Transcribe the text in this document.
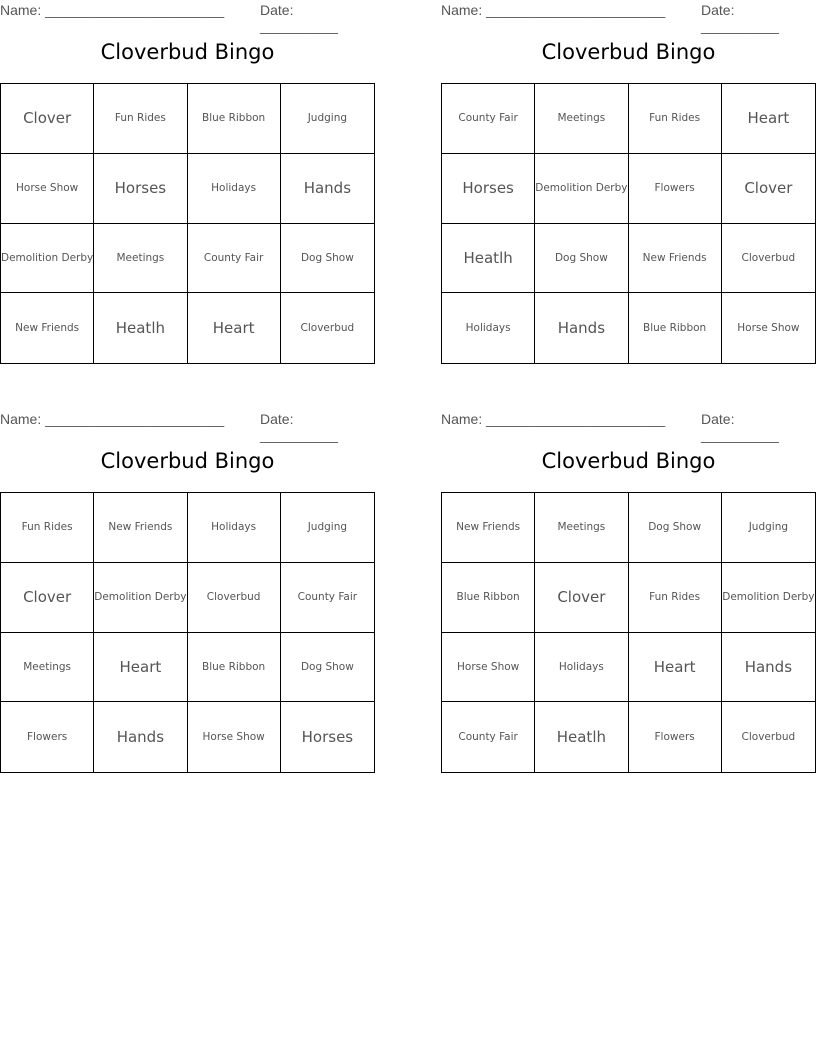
Name: _______________________	Date: __________
Cloverbud Bingo
Clover	Fun Rides	Blue Ribbon	Judging
Horse Show	Horses	Holidays	Hands
Demolition Derby	Meetings	County Fair	Dog Show
New Friends	Heatlh	Heart	Cloverbud
Name: _______________________	Date: __________
Cloverbud Bingo
County Fair	Meetings	Fun Rides	Heart
Horses	Demolition Derby	Flowers	Clover
Heatlh	Dog Show	New Friends	Cloverbud
Holidays	Hands	Blue Ribbon	Horse Show
Name: _______________________	Date: __________
Cloverbud Bingo
Fun Rides	New Friends	Holidays	Judging
Clover	Demolition Derby	Cloverbud	County Fair
Meetings	Heart	Blue Ribbon	Dog Show
Flowers	Hands	Horse Show	Horses
Name: _______________________	Date: __________
Cloverbud Bingo
New Friends	Meetings	Dog Show	Judging
Blue Ribbon	Clover	Fun Rides	Demolition Derby
Horse Show	Holidays	Heart	Hands
County Fair	Heatlh	Flowers	Cloverbud
